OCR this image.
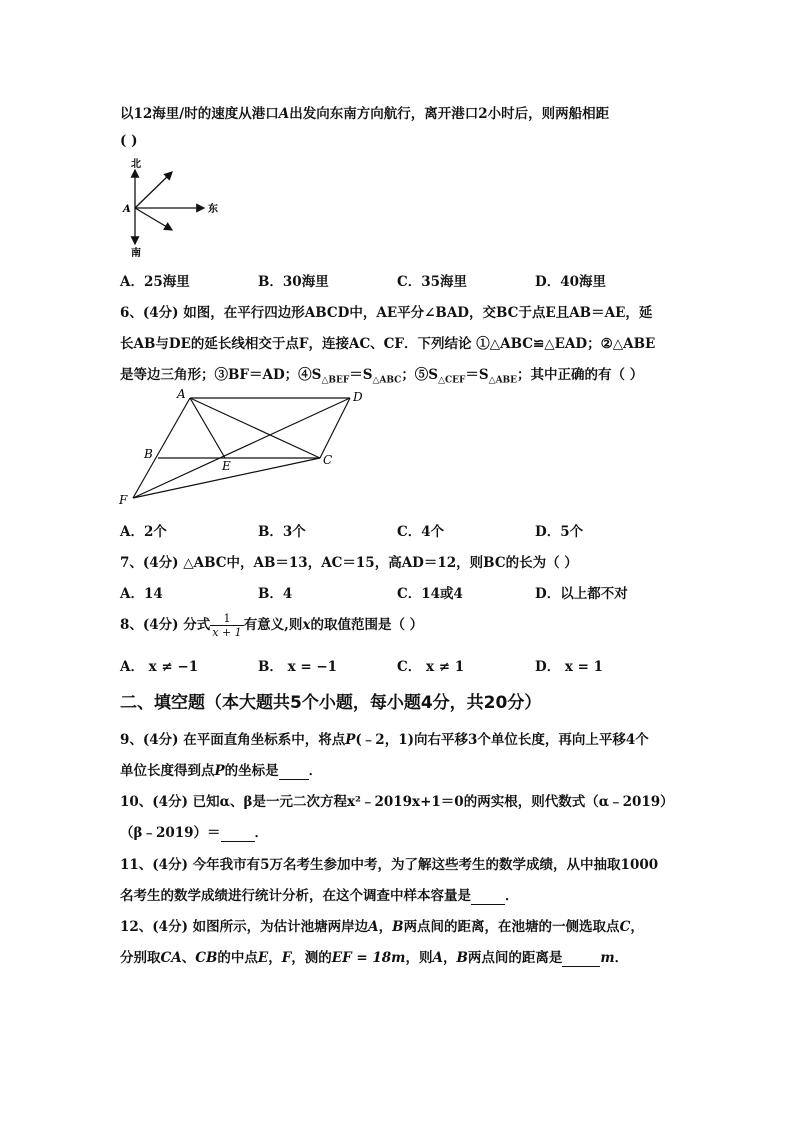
以12海里/时的速度从港口A出发向东南方向航行，离开港口2小时后，则两船相距
( )
北
南
东
A
A．25海里	B．30海里	C．35海里	D．40海里
6、(4分) 如图，在平行四边形ABCD中，AE平分∠BAD，交BC于点E且AB＝AE，延
长AB与DE的延长线相交于点F，连接AC、CF．下列结论 ①△ABC≌△EAD；②△ABE
是等边三角形；③BF＝AD；$④S_{\triangle BEF}=S_{\triangle ABC}$；$⑤S_{\triangle CEF}=S_{\triangle ABE}$；其中正确的有（ ）
A	D
B
E	C
F
A．2个	B．3个	C．4个	D．5个
7、(4分) △ABC中，AB＝13，AC＝15，高AD＝12，则BC的长为（ ）
A．14	B．4	C．14或4	D．以上都不对
8、(4分) 分式 $\frac{1}{x + 1}$ 有意义,则x的取值范围是（ ）
A． x ≠ −1	B． x = −1	C． x ≠ 1	D． x = 1
二、填空题（本大题共5个小题，每小题4分，共20分）
9、(4分) 在平面直角坐标系中，将点P(﹣2，1)向右平移3个单位长度，再向上平移4个
单位长度得到点P的坐标是 ．
10、(4分) 已知α、β是一元二次方程x²﹣2019x+1＝0的两实根，则代数式（α﹣2019）
（β﹣2019）＝	．
11、(4分) 今年我市有5万名考生参加中考，为了解这些考生的数学成绩，从中抽取1000
名考生的数学成绩进行统计分析，在这个调查中样本容量是	．
12、(4分) 如图所示，为估计池塘两岸边A，B两点间的距离，在池塘的一侧选取点C，
分别取CA、CB的中点E，F，测的EF = 18m，则A，B两点间的距离是	m．
